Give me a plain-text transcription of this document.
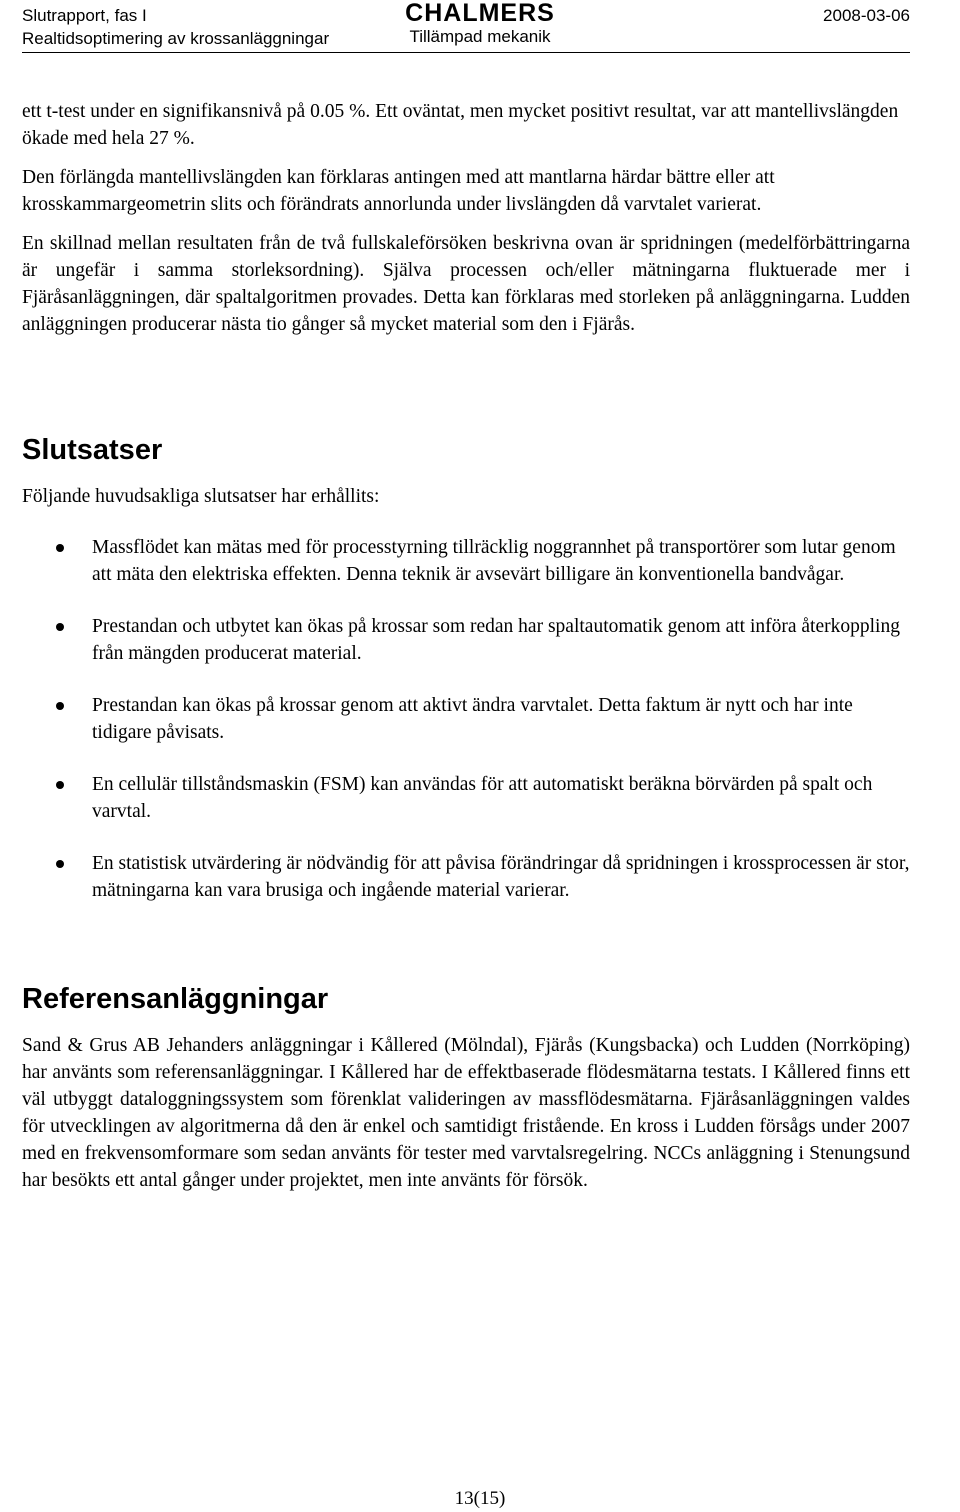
Slutrapport, fas I
Realtidsoptimering av krossanläggningar
CHALMERS
Tillämpad mekanik
2008-03-06

ett t-test under en signifikansnivå på 0.05 %. Ett oväntat, men mycket positivt resultat, var att mantellivslängden ökade med hela 27 %.

Den förlängda mantellivslängden kan förklaras antingen med att mantlarna härdar bättre eller att krosskammargeometrin slits och förändrats annorlunda under livslängden då varvtalet varierat.

En skillnad mellan resultaten från de två fullskaleförsöken beskrivna ovan är spridningen (medelförbättringarna är ungefär i samma storleksordning). Själva processen och/eller mätningarna fluktuerade mer i Fjäråsanläggningen, där spaltalgoritmen provades. Detta kan förklaras med storleken på anläggningarna. Ludden anläggningen producerar nästa tio gånger så mycket material som den i Fjärås.

Slutsatser

Följande huvudsakliga slutsatser har erhållits:

Massflödet kan mätas med för processtyrning tillräcklig noggrannhet på transportörer som lutar genom att mäta den elektriska effekten. Denna teknik är avsevärt billigare än konventionella bandvågar.
Prestandan och utbytet kan ökas på krossar som redan har spaltautomatik genom att införa återkoppling från mängden producerat material.
Prestandan kan ökas på krossar genom att aktivt ändra varvtalet. Detta faktum är nytt och har inte tidigare påvisats.
En cellulär tillståndsmaskin (FSM) kan användas för att automatiskt beräkna börvärden på spalt och varvtal.
En statistisk utvärdering är nödvändig för att påvisa förändringar då spridningen i krossprocessen är stor, mätningarna kan vara brusiga och ingående material varierar.
Referensanläggningar

Sand & Grus AB Jehanders anläggningar i Kållered (Mölndal), Fjärås (Kungsbacka) och Ludden (Norrköping) har använts som referensanläggningar. I Kållered har de effektbaserade flödesmätarna testats. I Kållered finns ett väl utbyggt dataloggningssystem som förenklat valideringen av massflödesmätarna. Fjäråsanläggningen valdes för utvecklingen av algoritmerna då den är enkel och samtidigt fristående. En kross i Ludden försågs under 2007 med en frekvensomformare som sedan använts för tester med varvtalsregelring. NCCs anläggning i Stenungsund har besökts ett antal gånger under projektet, men inte använts för försök.

13(15)
